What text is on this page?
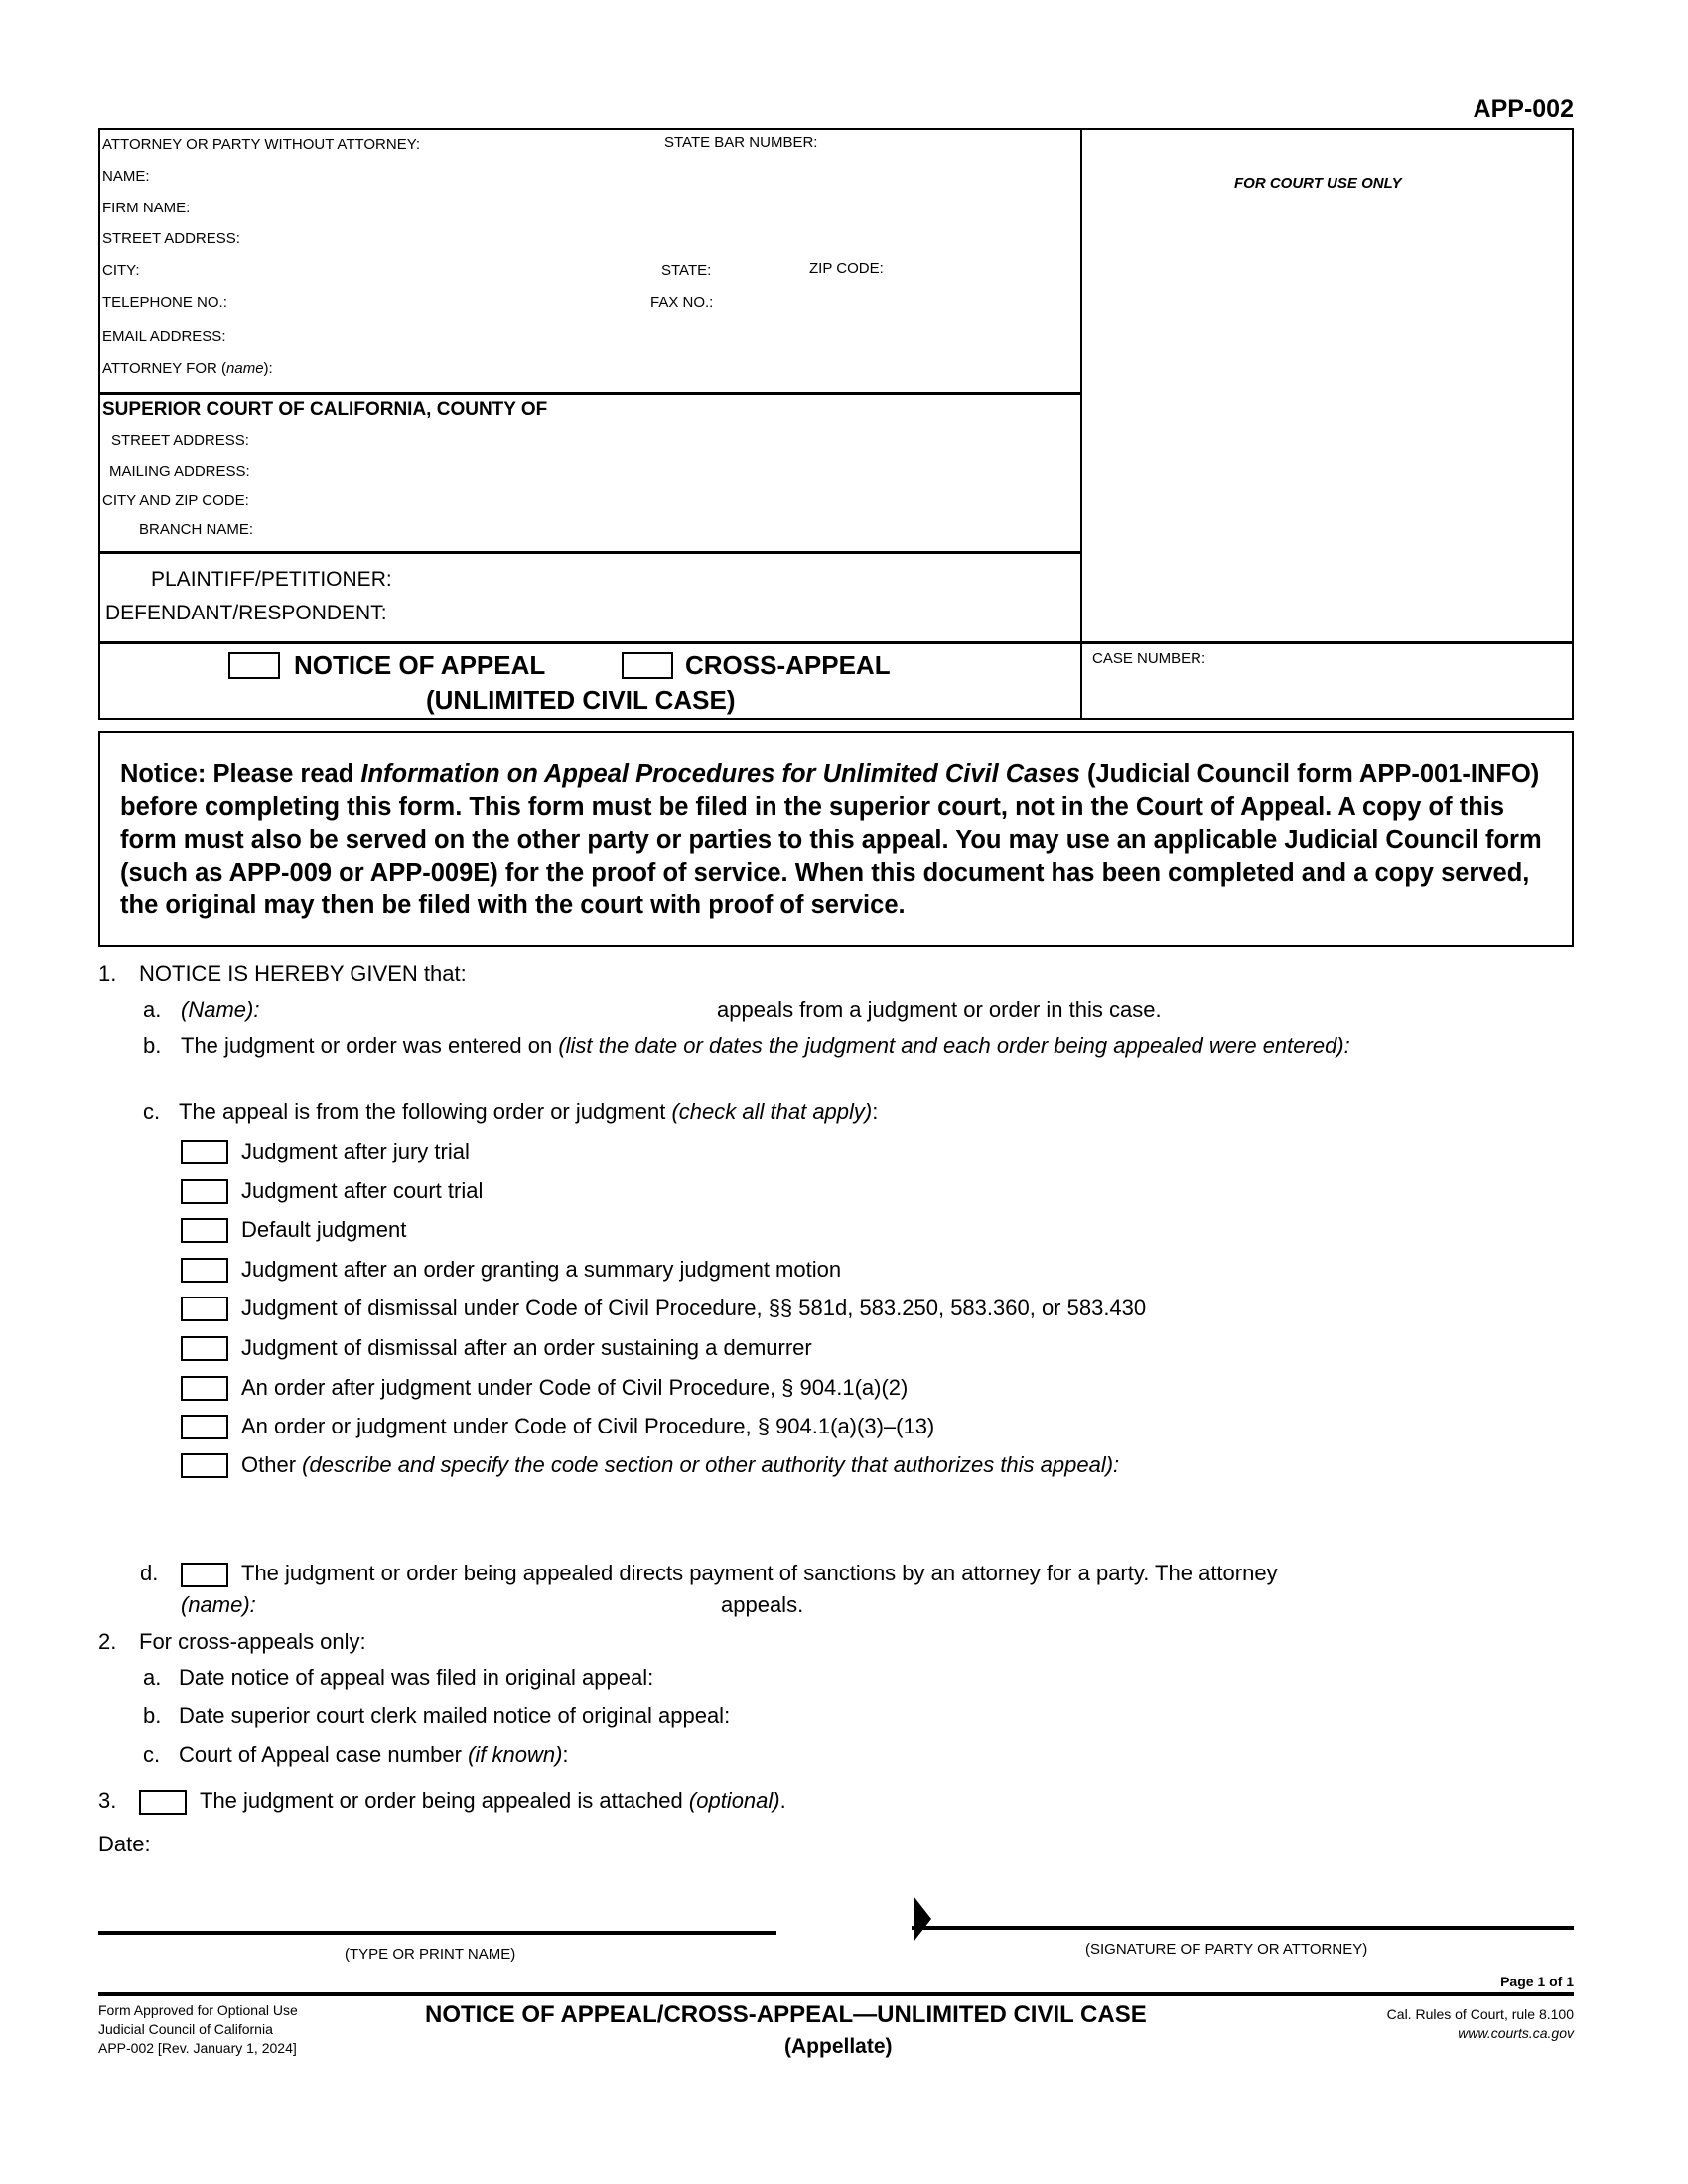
APP-002
ATTORNEY OR PARTY WITHOUT ATTORNEY:	STATE BAR NUMBER:
NAME:
FIRM NAME:
STREET ADDRESS:
CITY:	STATE:	ZIP CODE:
TELEPHONE NO.:	FAX NO.:
EMAIL ADDRESS:
ATTORNEY FOR (name):
FOR COURT USE ONLY
SUPERIOR COURT OF CALIFORNIA, COUNTY OF
STREET ADDRESS:
MAILING ADDRESS:
CITY AND ZIP CODE:
BRANCH NAME:
PLAINTIFF/PETITIONER:
DEFENDANT/RESPONDENT:
NOTICE OF APPEAL	CROSS-APPEAL
(UNLIMITED CIVIL CASE)
CASE NUMBER:
Notice: Please read Information on Appeal Procedures for Unlimited Civil Cases (Judicial Council form APP-001-INFO) before completing this form. This form must be filed in the superior court, not in the Court of Appeal. A copy of this form must also be served on the other party or parties to this appeal. You may use an applicable Judicial Council form (such as APP-009 or APP-009E) for the proof of service. When this document has been completed and a copy served, the original may then be filed with the court with proof of service.
1. NOTICE IS HEREBY GIVEN that:
a. (Name):	appeals from a judgment or order in this case.
b. The judgment or order was entered on (list the date or dates the judgment and each order being appealed were entered):
c. The appeal is from the following order or judgment (check all that apply):
Judgment after jury trial
Judgment after court trial
Default judgment
Judgment after an order granting a summary judgment motion
Judgment of dismissal under Code of Civil Procedure, §§ 581d, 583.250, 583.360, or 583.430
Judgment of dismissal after an order sustaining a demurrer
An order after judgment under Code of Civil Procedure, § 904.1(a)(2)
An order or judgment under Code of Civil Procedure, § 904.1(a)(3)–(13)
Other (describe and specify the code section or other authority that authorizes this appeal):
d.	The judgment or order being appealed directs payment of sanctions by an attorney for a party. The attorney
(name):	appeals.
2. For cross-appeals only:
a. Date notice of appeal was filed in original appeal:
b. Date superior court clerk mailed notice of original appeal:
c. Court of Appeal case number (if known):
3.	The judgment or order being appealed is attached (optional).
Date:
(TYPE OR PRINT NAME)	(SIGNATURE OF PARTY OR ATTORNEY)
Page 1 of 1
Form Approved for Optional Use
Judicial Council of California
APP-002 [Rev. January 1, 2024]
NOTICE OF APPEAL/CROSS-APPEAL—UNLIMITED CIVIL CASE
(Appellate)
Cal. Rules of Court, rule 8.100
www.courts.ca.gov
